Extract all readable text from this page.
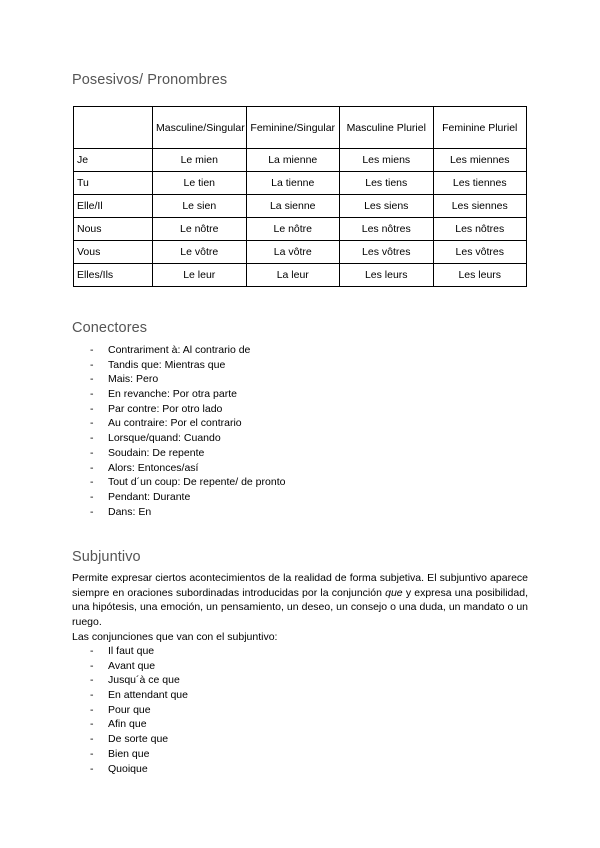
Posesivos/ Pronombres
	Masculine/Singular	Feminine/Singular	Masculine Pluriel	Feminine Pluriel
Je	Le mien	La mienne	Les miens	Les miennes
Tu	Le tien	La tienne	Les tiens	Les tiennes
Elle/Il	Le sien	La sienne	Les siens	Les siennes
Nous	Le nôtre	Le nôtre	Les nôtres	Les nôtres
Vous	Le vôtre	La vôtre	Les vôtres	Les vôtres
Elles/Ils	Le leur	La leur	Les leurs	Les leurs
Conectores
- Contrariment à: Al contrario de
- Tandis que: Mientras que
- Mais: Pero
- En revanche: Por otra parte
- Par contre: Por otro lado
- Au contraire: Por el contrario
- Lorsque/quand: Cuando
- Soudain: De repente
- Alors: Entonces/así
- Tout d´un coup: De repente/ de pronto
- Pendant: Durante
- Dans: En
Subjuntivo

Permite expresar ciertos acontecimientos de la realidad de forma subjetiva. El subjuntivo aparece siempre en oraciones subordinadas introducidas por la conjunción que y expresa una posibilidad, una hipótesis, una emoción, un pensamiento, un deseo, un consejo o una duda, un mandato o un ruego.

Las conjunciones que van con el subjuntivo:

- Il faut que
- Avant que
- Jusqu´à ce que
- En attendant que
- Pour que
- Afin que
- De sorte que
- Bien que
- Quoique
